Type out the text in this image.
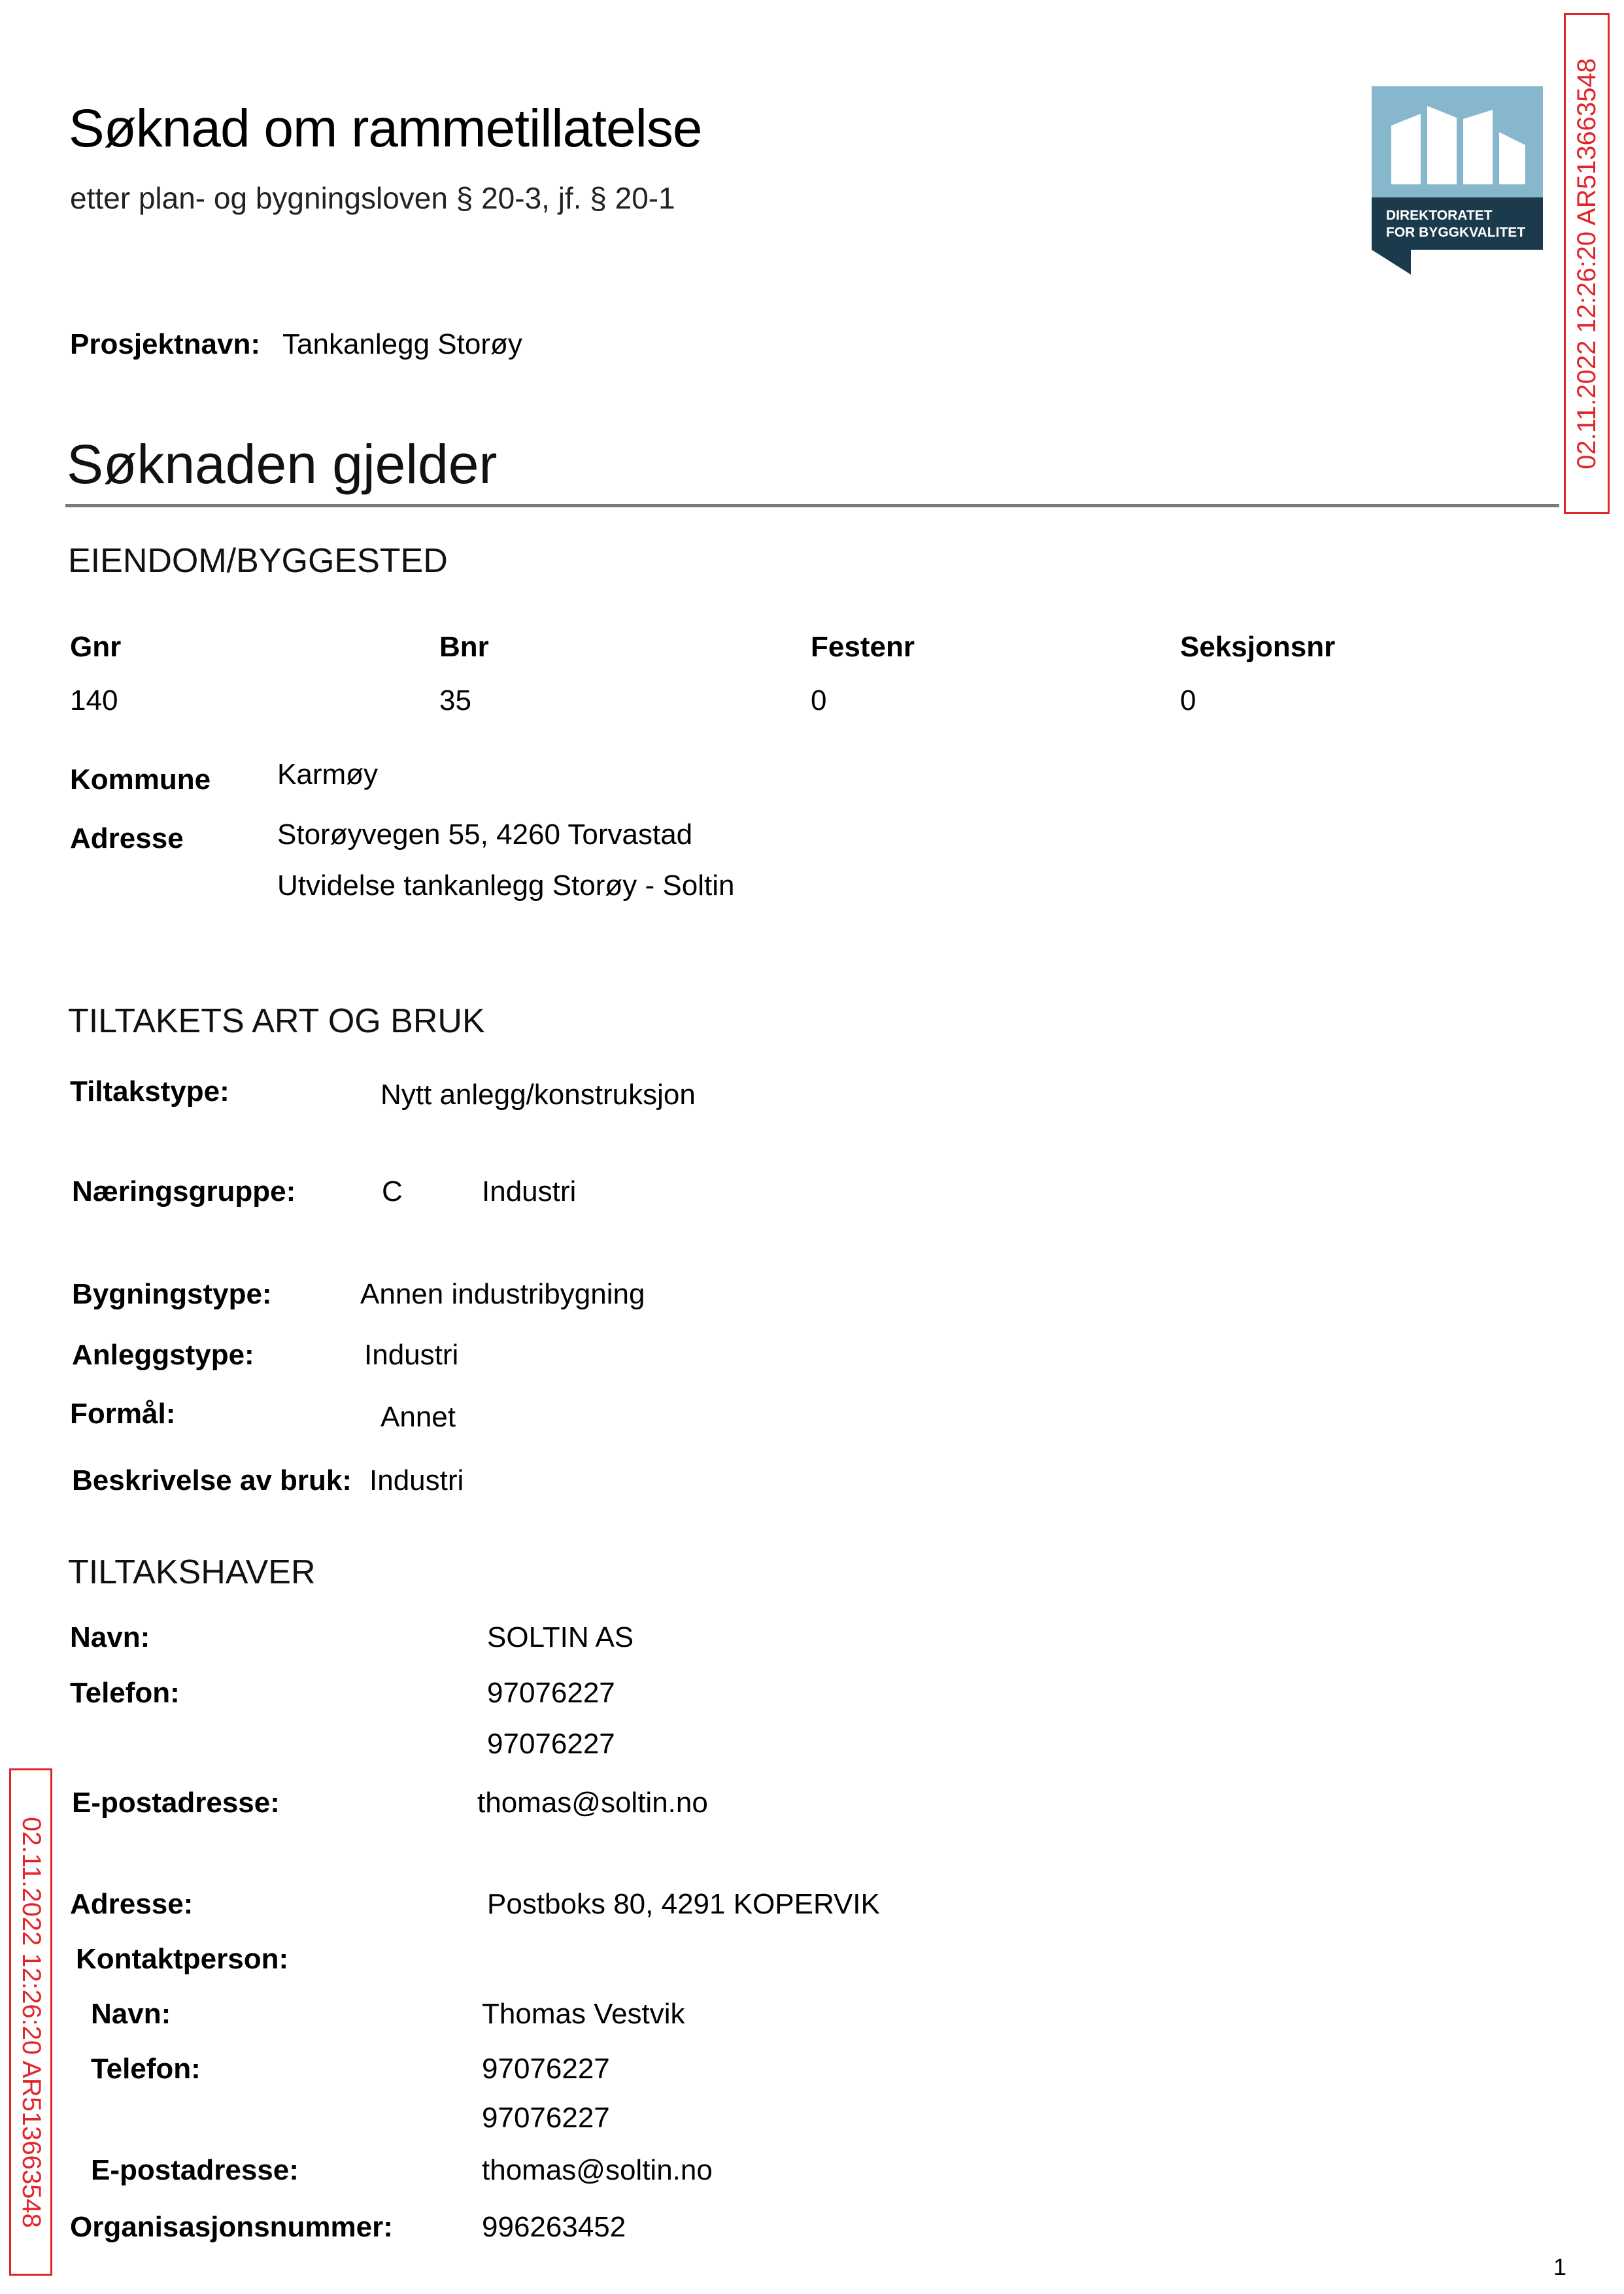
Søknad om rammetillatelse
etter plan- og bygningsloven § 20-3, jf. § 20-1
DIREKTORATET
FOR BYGGKVALITET 02.11.2022 12:26:20 AR513663548
Prosjektnavn: Tankanlegg Storøy
Søknaden gjelder
EIENDOM/BYGGESTED
Gnr	Bnr	Festenr	Seksjonsnr
140	35	0	0
Kommune Karmøy
Adresse	Storøyvegen 55, 4260 Torvastad
Utvidelse tankanlegg Storøy - Soltin
TILTAKETS ART OG BRUK
Tiltakstype:	Nytt anlegg/konstruksjon
Næringsgruppe:	C	Industri
Bygningstype:	Annen industribygning
Anleggstype:	Industri
Formål:	Annet
Beskrivelse av bruk: Industri
TILTAKSHAVER
Navn:	SOLTIN AS
Telefon:	97076227
97076227
E-postadresse:	thomas@soltin.no
Adresse:	Postboks 80, 4291 KOPERVIK
Kontaktperson:
Navn:	Thomas Vestvik
Telefon:	97076227
97076227
E-postadresse:	thomas@soltin.no
Organisasjonsnummer:	996263452
02.11.2022 12:26:20 AR513663548
1
